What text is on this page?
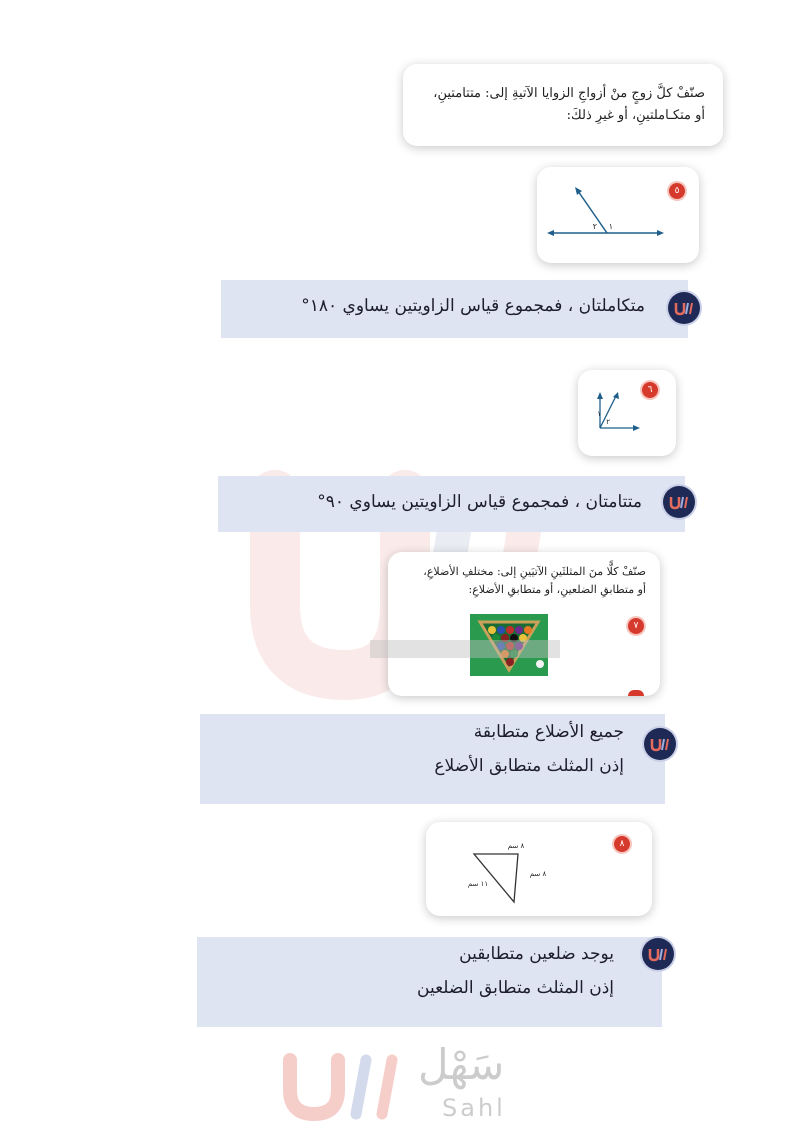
صنّفْ كلَّ زوجٍ منْ أزواجِ الزوايا الآتيةِ إلى: متتامتينِ،
أو متكـاملتينِ، أو غيرِ ذلكَ:
٥
١
٢
متكاملتان ، فمجموع قياس الزاويتين يساوي ١٨٠°
٦
١
٢
متتامتان ، فمجموع قياس الزاويتين يساوي ٩٠°
صنّفْ كلًّا منَ المثلثَينِ الآتيَينِ إلى: مختلفِ الأضلاعِ،
أو متطابقِ الضلعينِ، أو متطابقِ الأضلاعِ:
٧
جميع الأضلاع متطابقة
إذن المثلث متطابق الأضلاع
٨
٨ سم
٨ سم
١١ سم
يوجد ضلعين متطابقين
إذن المثلث متطابق الضلعين
سَهْل
Sahl
